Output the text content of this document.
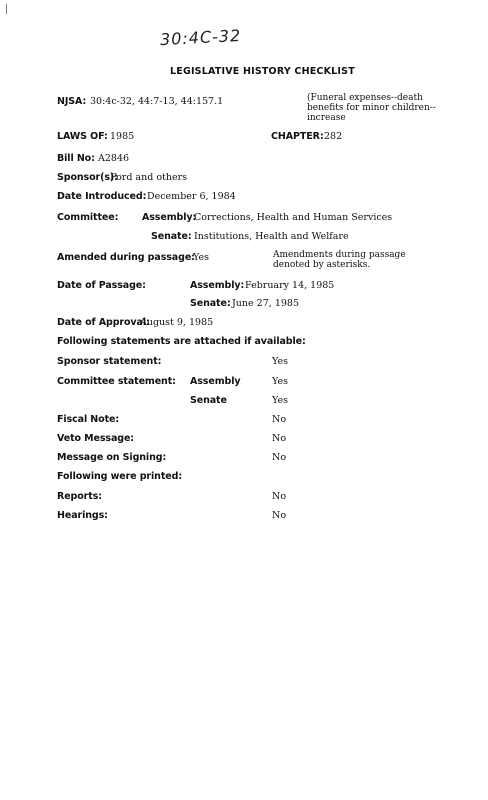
30:4C-32
LEGISLATIVE HISTORY CHECKLIST
NJSA: 30:4c-32, 44:7-13, 44:157.1	(Funeral expenses--death benefits for minor children--increase
LAWS OF: 1985	CHAPTER: 282
Bill No: A2846
Sponsor(s):
Ford and others
Date Introduced: December 6, 1984
Committee: Assembly:
Corrections, Health and Human Services
Senate: Institutions, Health and Welfare
Amended during passage:
Yes	Amendments during passage denoted by asterisks.
Date of Passage:	Assembly: February 14, 1985
Senate: June 27, 1985
Date of Approval:
August 9, 1985
Following statements are attached if available:
Sponsor statement:	Yes
Committee statement: Assembly	Yes
Senate	Yes
Fiscal Note:	No
Veto Message:	No
Message on Signing:	No
Following were printed:
Reports:	No
Hearings:	No
